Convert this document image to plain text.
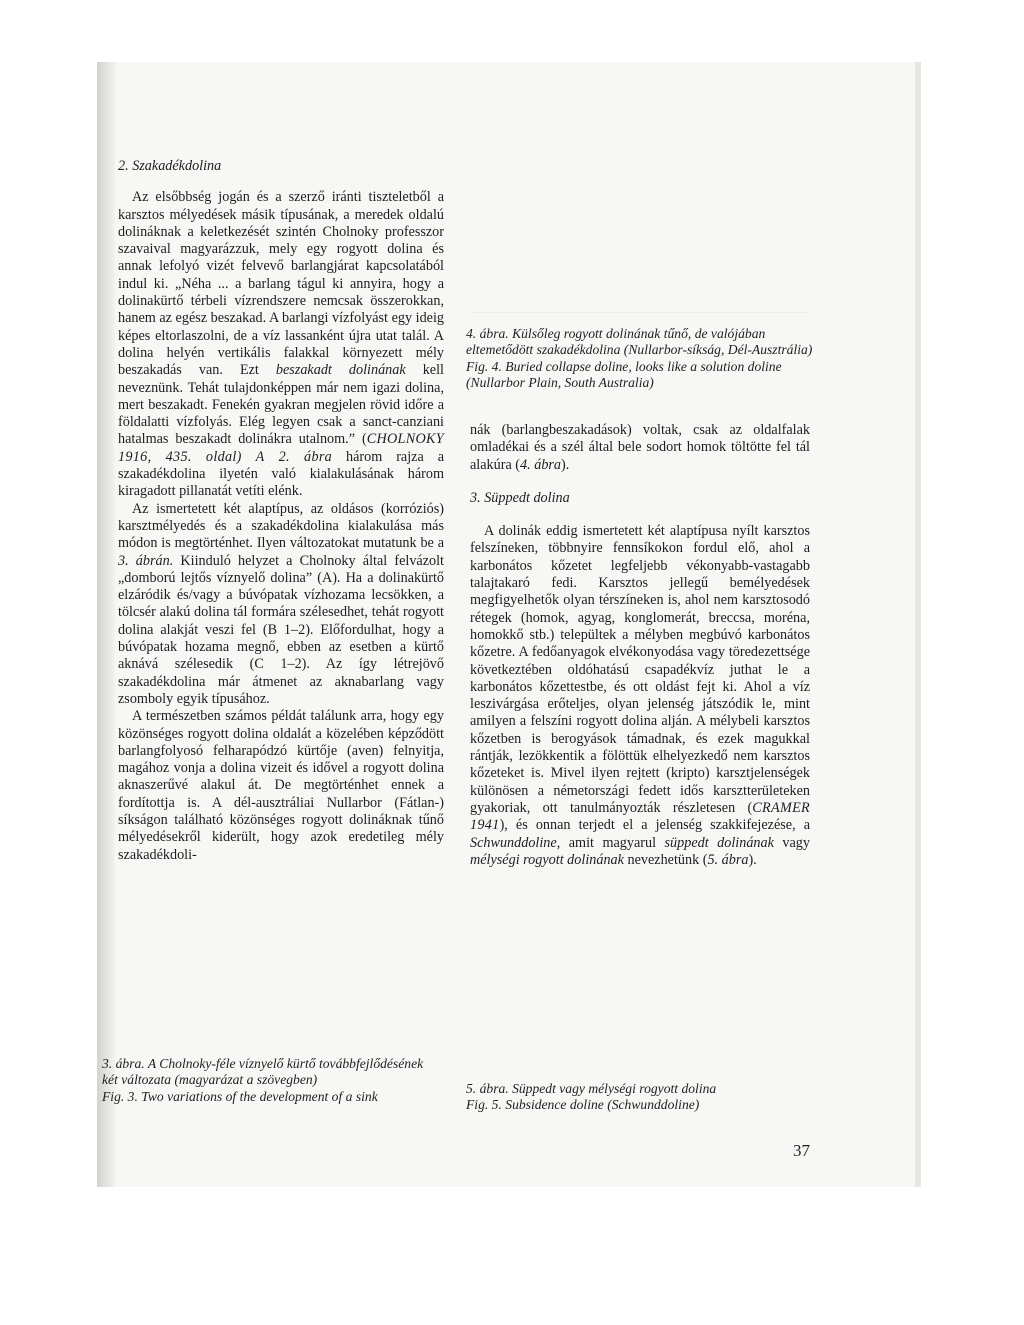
2. Szakadékdolina

Az elsőbbség jogán és a szerző iránti tiszteletből a karsztos mélyedések másik típusának, a meredek oldalú dolináknak a keletkezését szintén Cholnoky professzor szavaival magyarázzuk, mely egy rogyott dolina és annak lefolyó vizét felvevő barlangjárat kapcsolatából indul ki. „Néha ... a barlang tágul ki annyira, hogy a dolinakürtő térbeli vízrendszere nemcsak összerokkan, hanem az egész beszakad. A barlangi vízfolyást egy ideig képes eltorlaszolni, de a víz lassanként újra utat talál. A dolina helyén vertikális falakkal környezett mély beszakadás van. Ezt beszakadt dolinának kell neveznünk. Tehát tulajdonképpen már nem igazi dolina, mert beszakadt. Fenekén gyakran megjelen rövid időre a földalatti vízfolyás. Elég legyen csak a sanct-canziani hatalmas beszakadt dolinákra utalnom.” (CHOLNOKY 1916, 435. oldal) A 2. ábra három rajza a szakadékdolina ilyetén való kialakulásának három kiragadott pillanatát vetíti elénk.

Az ismertetett két alaptípus, az oldásos (korróziós) karsztmélyedés és a szakadékdolina kialakulása más módon is megtörténhet. Ilyen változatokat mutatunk be a 3. ábrán. Kiinduló helyzet a Cholnoky által felvázolt „domború lejtős víznyelő dolina” (A). Ha a dolinakürtő elzáródik és/vagy a búvópatak vízhozama lecsökken, a tölcsér alakú dolina tál formára szélesedhet, tehát rogyott dolina alakját veszi fel (B 1–2). Előfordulhat, hogy a búvópatak hozama megnő, ebben az esetben a kürtő aknává szélesedik (C 1–2). Az így létrejövő szakadékdolina már átmenet az aknabarlang vagy zsomboly egyik típusához.

A természetben számos példát találunk arra, hogy egy közönséges rogyott dolina oldalát a közelében képződött barlangfolyosó felharapódzó kürtője (aven) felnyitja, magához vonja a dolina vizeit és idővel a rogyott dolina aknaszerűvé alakul át. De megtörténhet ennek a fordítottja is. A dél-ausztráliai Nullarbor (Fátlan-) síkságon található közönséges rogyott dolináknak tűnő mélyedésekről kiderült, hogy azok eredetileg mély szakadékdoli-

4. ábra. Külsőleg rogyott dolinának tűnő, de valójában eltemetődött szakadékdolina (Nullarbor-síkság, Dél-Ausztrália)
Fig. 4. Buried collapse doline, looks like a solution doline (Nullarbor Plain, South Australia)

nák (barlangbeszakadások) voltak, csak az oldalfalak omladékai és a szél által bele sodort homok töltötte fel tál alakúra (4. ábra).

3. Süppedt dolina

A dolinák eddig ismertetett két alaptípusa nyílt karsztos felszíneken, többnyire fennsíkokon fordul elő, ahol a karbonátos kőzetet legfeljebb vékonyabb-vastagabb talajtakaró fedi. Karsztos jellegű bemélyedések megfigyelhetők olyan térszíneken is, ahol nem karsztosodó rétegek (homok, agyag, konglomerát, breccsa, moréna, homokkő stb.) települtek a mélyben megbúvó karbonátos kőzetre. A fedőanyagok elvékonyodása vagy töredezettsége következtében oldóhatású csapadékvíz juthat le a karbonátos kőzettestbe, és ott oldást fejt ki. Ahol a víz leszivárgása erőteljes, olyan jelenség játszódik le, mint amilyen a felszíni rogyott dolina alján. A mélybeli karsztos kőzetben is berogyások támadnak, és ezek magukkal rántják, lezökkentik a fölöttük elhelyezkedő nem karsztos kőzeteket is. Mivel ilyen rejtett (kripto) karsztjelenségek különösen a németországi fedett idős karsztterületeken gyakoriak, ott tanulmányozták részletesen (CRAMER 1941), és onnan terjedt el a jelenség szakkifejezése, a Schwunddoline, amit magyarul süppedt dolinának vagy mélységi rogyott dolinának nevezhetünk (5. ábra).

3. ábra. A Cholnoky-féle víznyelő kürtő továbbfejlődésének két változata (magyarázat a szövegben)
Fig. 3. Two variations of the development of a sink
5. ábra. Süppedt vagy mélységi rogyott dolina
Fig. 5. Subsidence doline (Schwunddoline)
37
